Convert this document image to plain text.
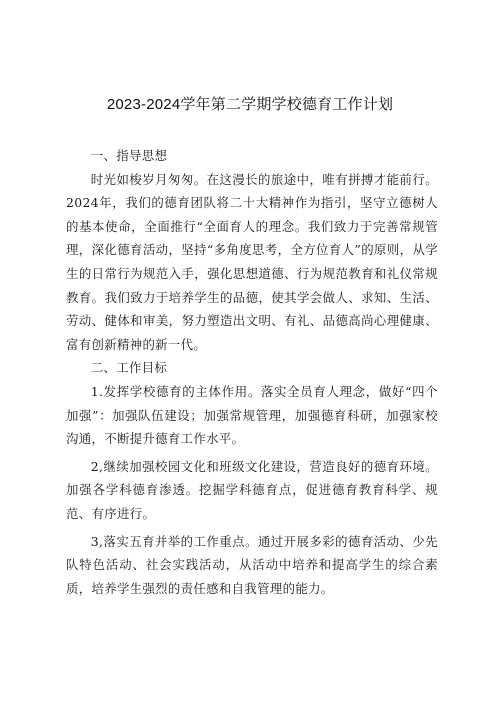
2023-2024学年第二学期学校德育工作计划

一、指导思想

时光如梭岁月匆匆。在这漫长的旅途中，唯有拼搏才能前行。2024年，我们的德育团队将二十大精神作为指引，坚守立德树人的基本使命，全面推行“全面育人的理念。我们致力于完善常规管理，深化德育活动，坚持“多角度思考，全方位育人”的原则，从学生的日常行为规范入手，强化思想道德、行为规范教育和礼仪常规教育。我们致力于培养学生的品德，使其学会做人、求知、生活、劳动、健体和审美，努力塑造出文明、有礼、品德高尚心理健康、富有创新精神的新一代。

二、工作目标

1.发挥学校德育的主体作用。落实全员育人理念，做好“四个加强”：加强队伍建设；加强常规管理，加强德育科研，加强家校沟通，不断提升德育工作水平。

2,继续加强校园文化和班级文化建设，营造良好的德育环境。加强各学科德育渗透。挖掘学科德育点，促进德育教育科学、规范、有序进行。

3,落实五育并举的工作重点。通过开展多彩的德育活动、少先队特色活动、社会实践活动，从活动中培养和提高学生的综合素质，培养学生强烈的责任感和自我管理的能力。
